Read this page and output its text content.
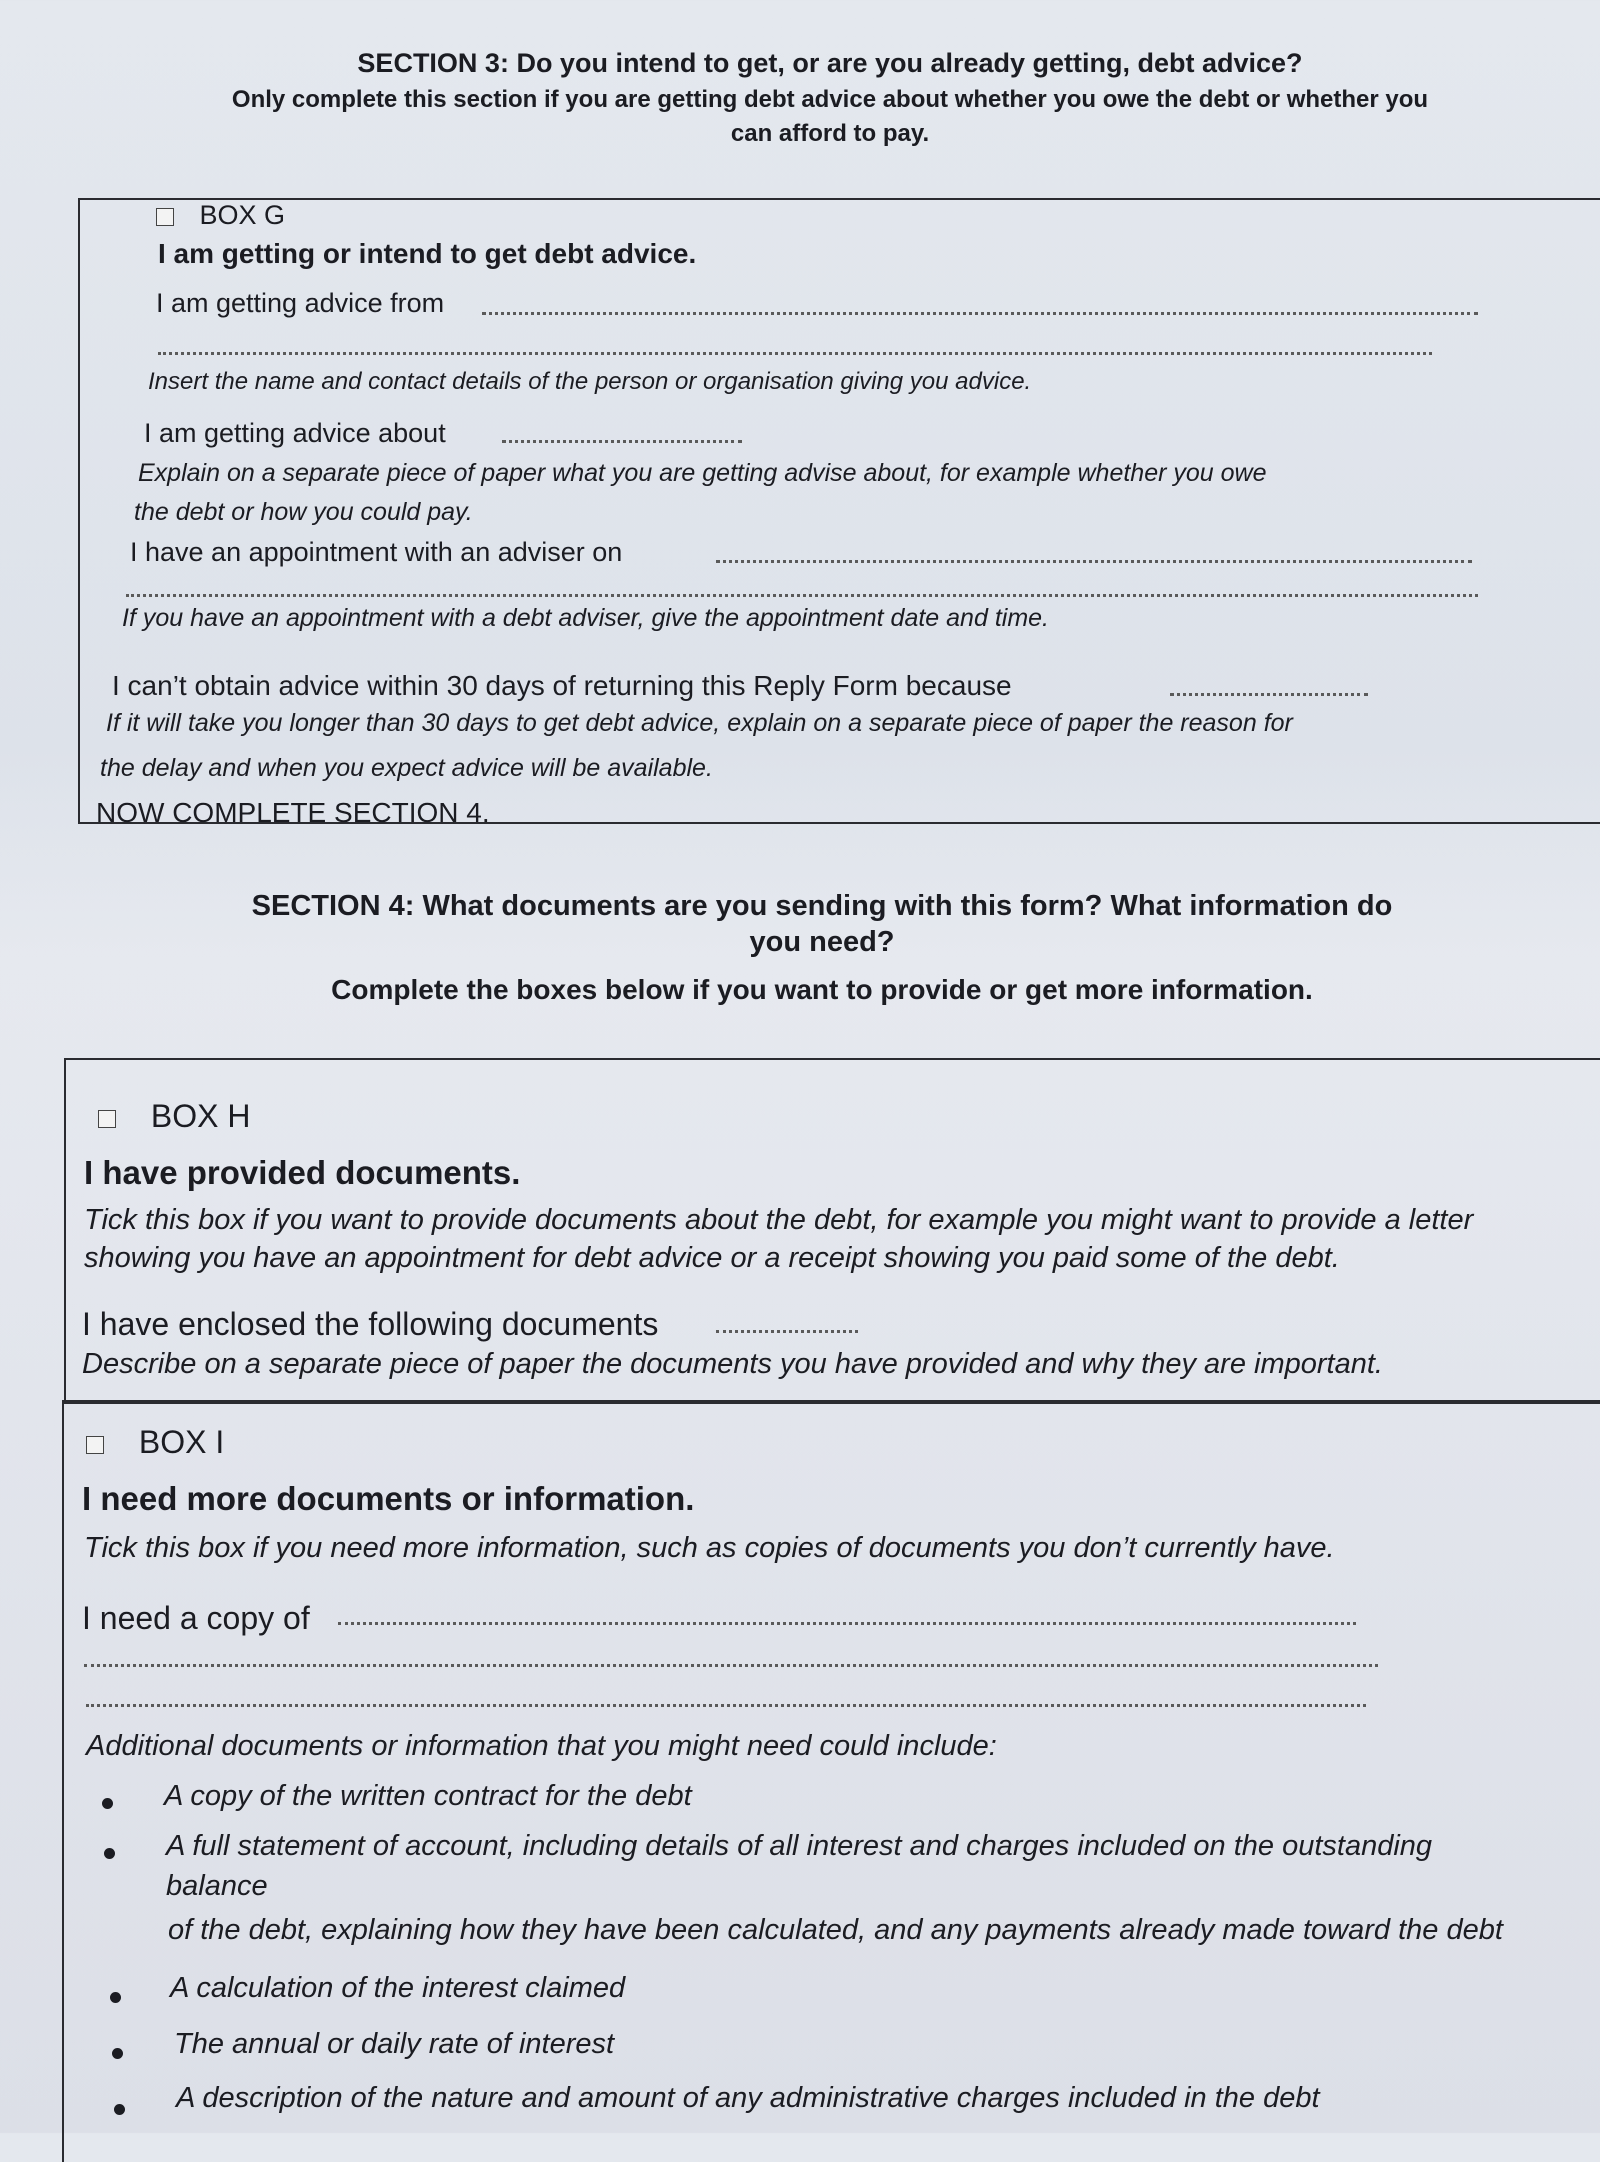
SECTION 3: Do you intend to get, or are you already getting, debt advice?
Only complete this section if you are getting debt advice about whether you owe the debt or whether you
can afford to pay.
BOX G
I am getting or intend to get debt advice.
I am getting advice from
Insert the name and contact details of the person or organisation giving you advice.
I am getting advice about
Explain on a separate piece of paper what you are getting advise about, for example whether you owe
the debt or how you could pay.
I have an appointment with an adviser on
If you have an appointment with a debt adviser, give the appointment date and time.
I can’t obtain advice within 30 days of returning this Reply Form because
If it will take you longer than 30 days to get debt advice, explain on a separate piece of paper the reason for
the delay and when you expect advice will be available.
NOW COMPLETE SECTION 4.
SECTION 4: What documents are you sending with this form? What information do
you need?
Complete the boxes below if you want to provide or get more information.
BOX H
I have provided documents.
Tick this box if you want to provide documents about the debt, for example you might want to provide a letter
showing you have an appointment for debt advice or a receipt showing you paid some of the debt.
I have enclosed the following documents
Describe on a separate piece of paper the documents you have provided and why they are important.
BOX I
I need more documents or information.
Tick this box if you need more information, such as copies of documents you don’t currently have.
I need a copy of
Additional documents or information that you might need could include:
A copy of the written contract for the debt
A full statement of account, including details of all interest and charges included on the outstanding
balance
of the debt, explaining how they have been calculated, and any payments already made toward the debt
A calculation of the interest claimed
The annual or daily rate of interest
A description of the nature and amount of any administrative charges included in the debt
